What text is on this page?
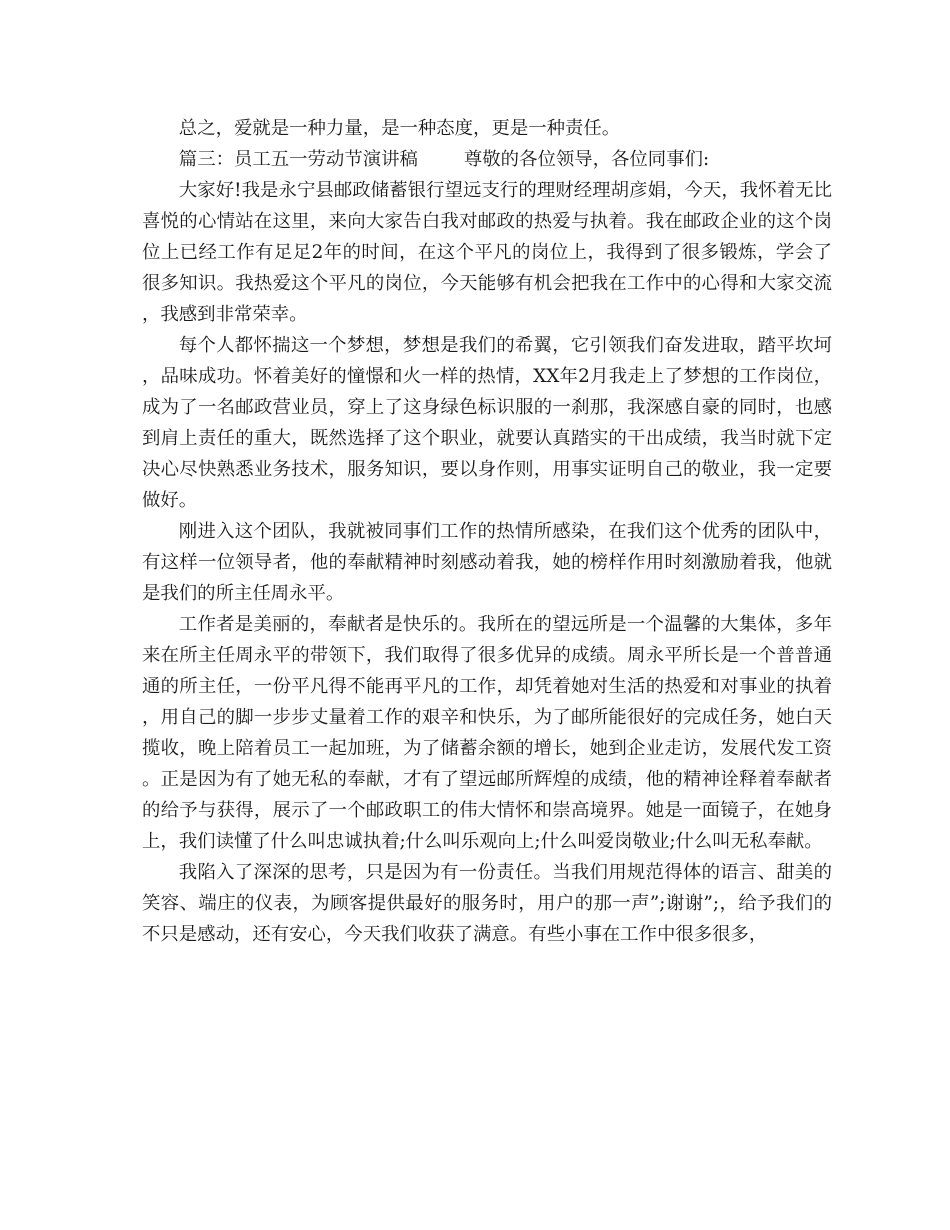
总之，爱就是一种力量，是一种态度，更是一种责任。

篇三：员工五一劳动节演讲稿	尊敬的各位领导，各位同事们:

大家好!我是永宁县邮政储蓄银行望远支行的理财经理胡彦娟，今天，我怀着无比喜悦的心情站在这里，来向大家告白我对邮政的热爱与执着。我在邮政企业的这个岗位上已经工作有足足2年的时间，在这个平凡的岗位上，我得到了很多锻炼，学会了很多知识。我热爱这个平凡的岗位，今天能够有机会把我在工作中的心得和大家交流，我感到非常荣幸。

每个人都怀揣这一个梦想，梦想是我们的希翼，它引领我们奋发进取，踏平坎坷，品味成功。怀着美好的憧憬和火一样的热情，XX年2月我走上了梦想的工作岗位，成为了一名邮政营业员，穿上了这身绿色标识服的一刹那，我深感自豪的同时，也感到肩上责任的重大，既然选择了这个职业，就要认真踏实的干出成绩，我当时就下定决心尽快熟悉业务技术，服务知识，要以身作则，用事实证明自己的敬业，我一定要做好。

刚进入这个团队，我就被同事们工作的热情所感染，在我们这个优秀的团队中，有这样一位领导者，他的奉献精神时刻感动着我，她的榜样作用时刻激励着我，他就是我们的所主任周永平。

工作者是美丽的，奉献者是快乐的。我所在的望远所是一个温馨的大集体，多年来在所主任周永平的带领下，我们取得了很多优异的成绩。周永平所长是一个普普通通的所主任，一份平凡得不能再平凡的工作，却凭着她对生活的热爱和对事业的执着，用自己的脚一步步丈量着工作的艰辛和快乐，为了邮所能很好的完成任务，她白天揽收，晚上陪着员工一起加班，为了储蓄余额的增长，她到企业走访，发展代发工资。正是因为有了她无私的奉献，才有了望远邮所辉煌的成绩，他的精神诠释着奉献者的给予与获得，展示了一个邮政职工的伟大情怀和崇高境界。她是一面镜子，在她身上，我们读懂了什么叫忠诚执着;什么叫乐观向上;什么叫爱岗敬业;什么叫无私奉献。

我陷入了深深的思考，只是因为有一份责任。当我们用规范得体的语言、甜美的笑容、端庄的仪表，为顾客提供最好的服务时，用户的那一声”;谢谢”;，给予我们的不只是感动，还有安心，今天我们收获了满意。有些小事在工作中很多很多，
